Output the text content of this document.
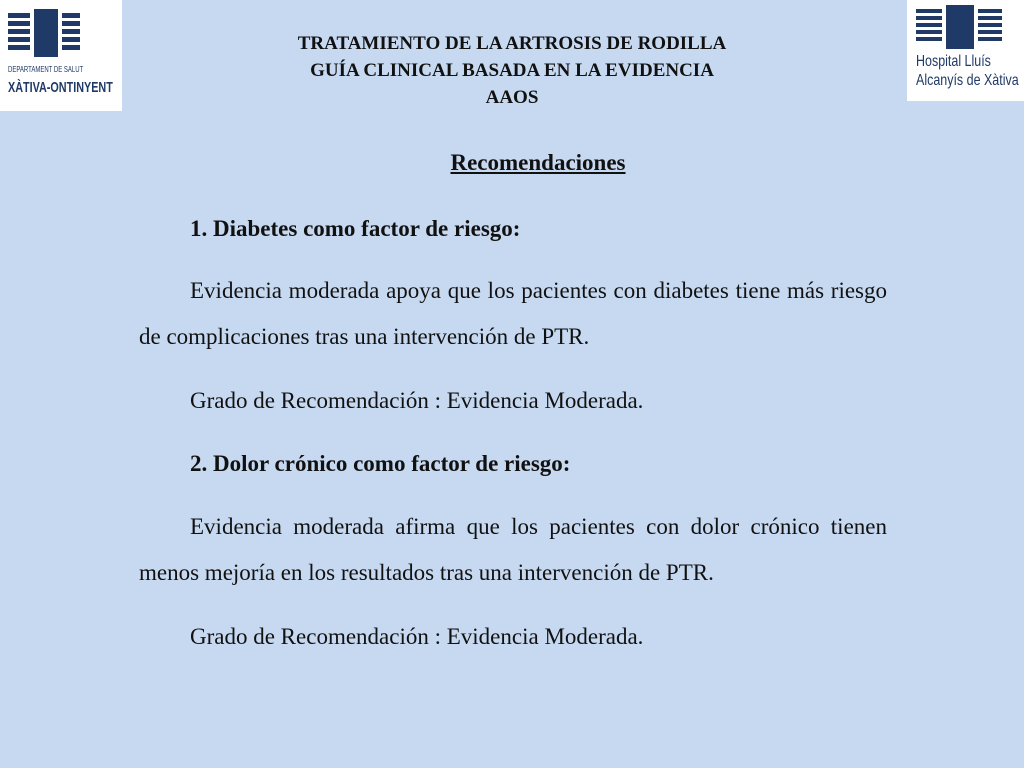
DEPARTAMENT DE SALUT
XÀTIVA-ONTINYENT
Hospital Lluís
Alcanyís de Xàtiva
TRATAMIENTO DE LA ARTROSIS DE RODILLA
GUÍA CLINICAL BASADA EN LA EVIDENCIA
AAOS
Recomendaciones

1. Diabetes como factor de riesgo:

Evidencia moderada apoya que los pacientes con diabetes tiene más riesgo de complicaciones tras una intervención de PTR.

Grado de Recomendación : Evidencia Moderada.

2. Dolor crónico como factor de riesgo:

Evidencia moderada afirma que los pacientes con dolor crónico tienen menos mejoría en los resultados tras una intervención de PTR.

Grado de Recomendación : Evidencia Moderada.
